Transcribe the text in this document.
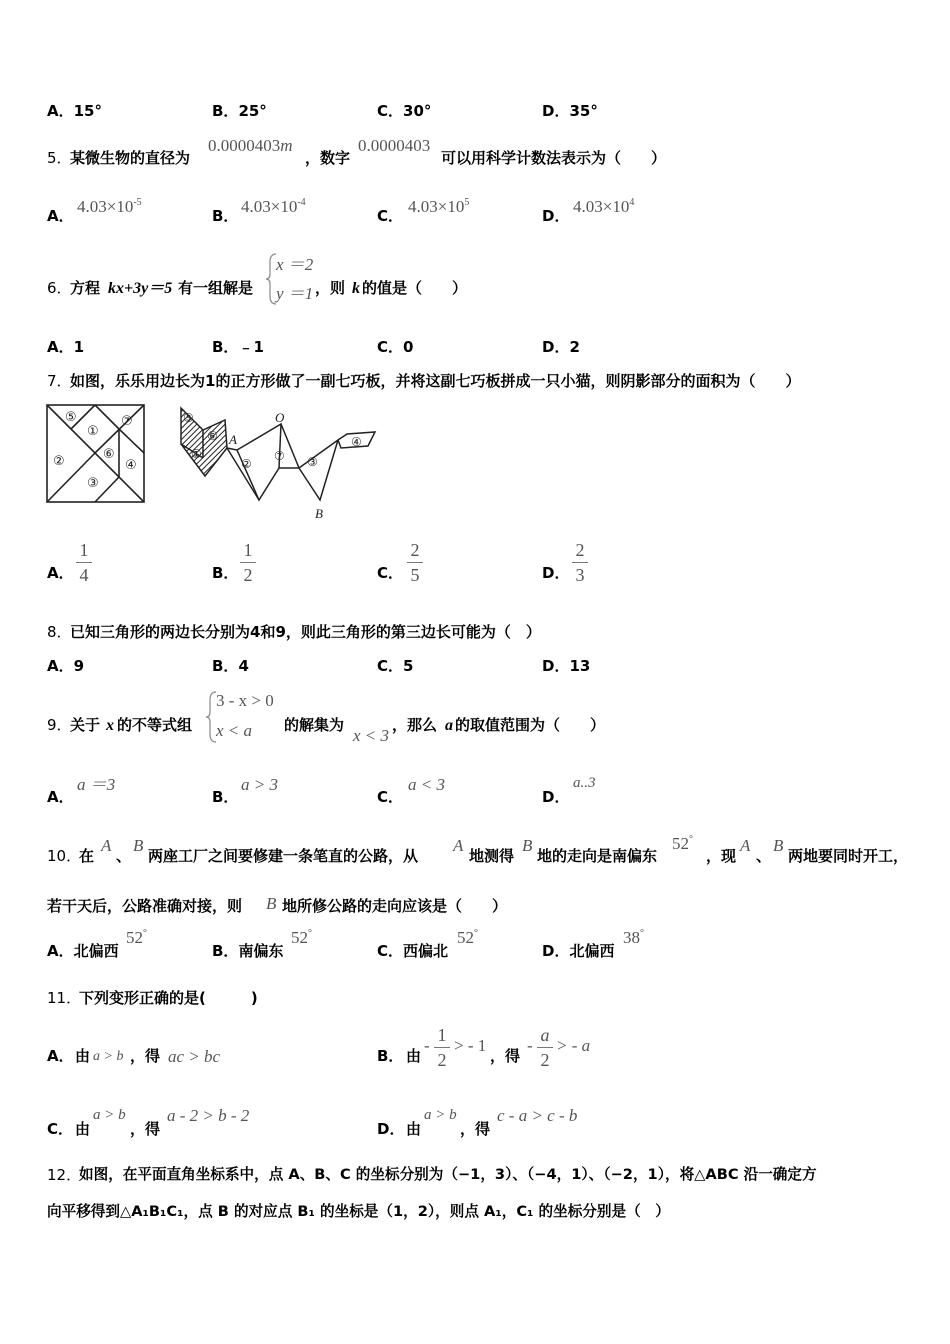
A．15°	B．25°	C．30°	D．35°
5．
某微生物的直径为
0.0000403m
，数字
0.0000403
可以用科学计数法表示为（　　）
A． $4.03\times 10^{-5}$
B． $4.03\times 10^{-4}$
C． $4.03\times 10^5$
D． $4.03\times 10^4$
6．
方程 kx+3y＝5 有一组解是
x ＝2
y ＝1 ，则 k 的值是（　　）
A．1	B．﹣1	C．0	D．2
7．
如图，乐乐用边长为1的正方形做了一副七巧板，并将这副七巧板拼成一只小猫，则阴影部分的面积为（　　）
⑤
①
⑦
②	⑥
④
③
⑤
⑥
①
A
O
②
⑦ ③
④
B
A．
1
4	B．
1
2	C．
2
5	D．
2
3
8．
已知三角形的两边长分别为4和9，则此三角形的第三边长可能为（　）
A．9	B．4	C．5	D．13
9．
关于 x 的不等式组
3 - x > 0
x < a 的解集为
x < 3
，那么 a 的取值范围为（　　）
A．
a ＝3
B．
a > 3
C．
a < 3
D．
a..3
10．
在
A
、
B
两座工厂之间要修建一条笔直的公路，从
A
地测得
B
地的走向是南偏东
52°
，现
A
、
B
两地要同时开工，
若干天后，公路准确对接，则 B 地所修公路的走向应该是（　　）
A．北偏西
52°
B．南偏东
52°
C．西偏北
52°
D．北偏西
38°
11．
下列变形正确的是(　　　)
A． 由 a > b ，得 ac > bc	B． 由
-
1
2
> - 1
，得
-
a
2
> - a
C． 由
a > b
，得
a - 2 > b - 2
D． 由
a > b
，得
c - a > c - b
12．
如图，在平面直角坐标系中，点 A、B、C 的坐标分别为（−1，3）、（−4，1）、（−2，1），将△ABC 沿一确定方
向平移得到△A₁B₁C₁，点 B 的对应点 B₁ 的坐标是（1，2），则点 A₁，C₁ 的坐标分别是（　）
